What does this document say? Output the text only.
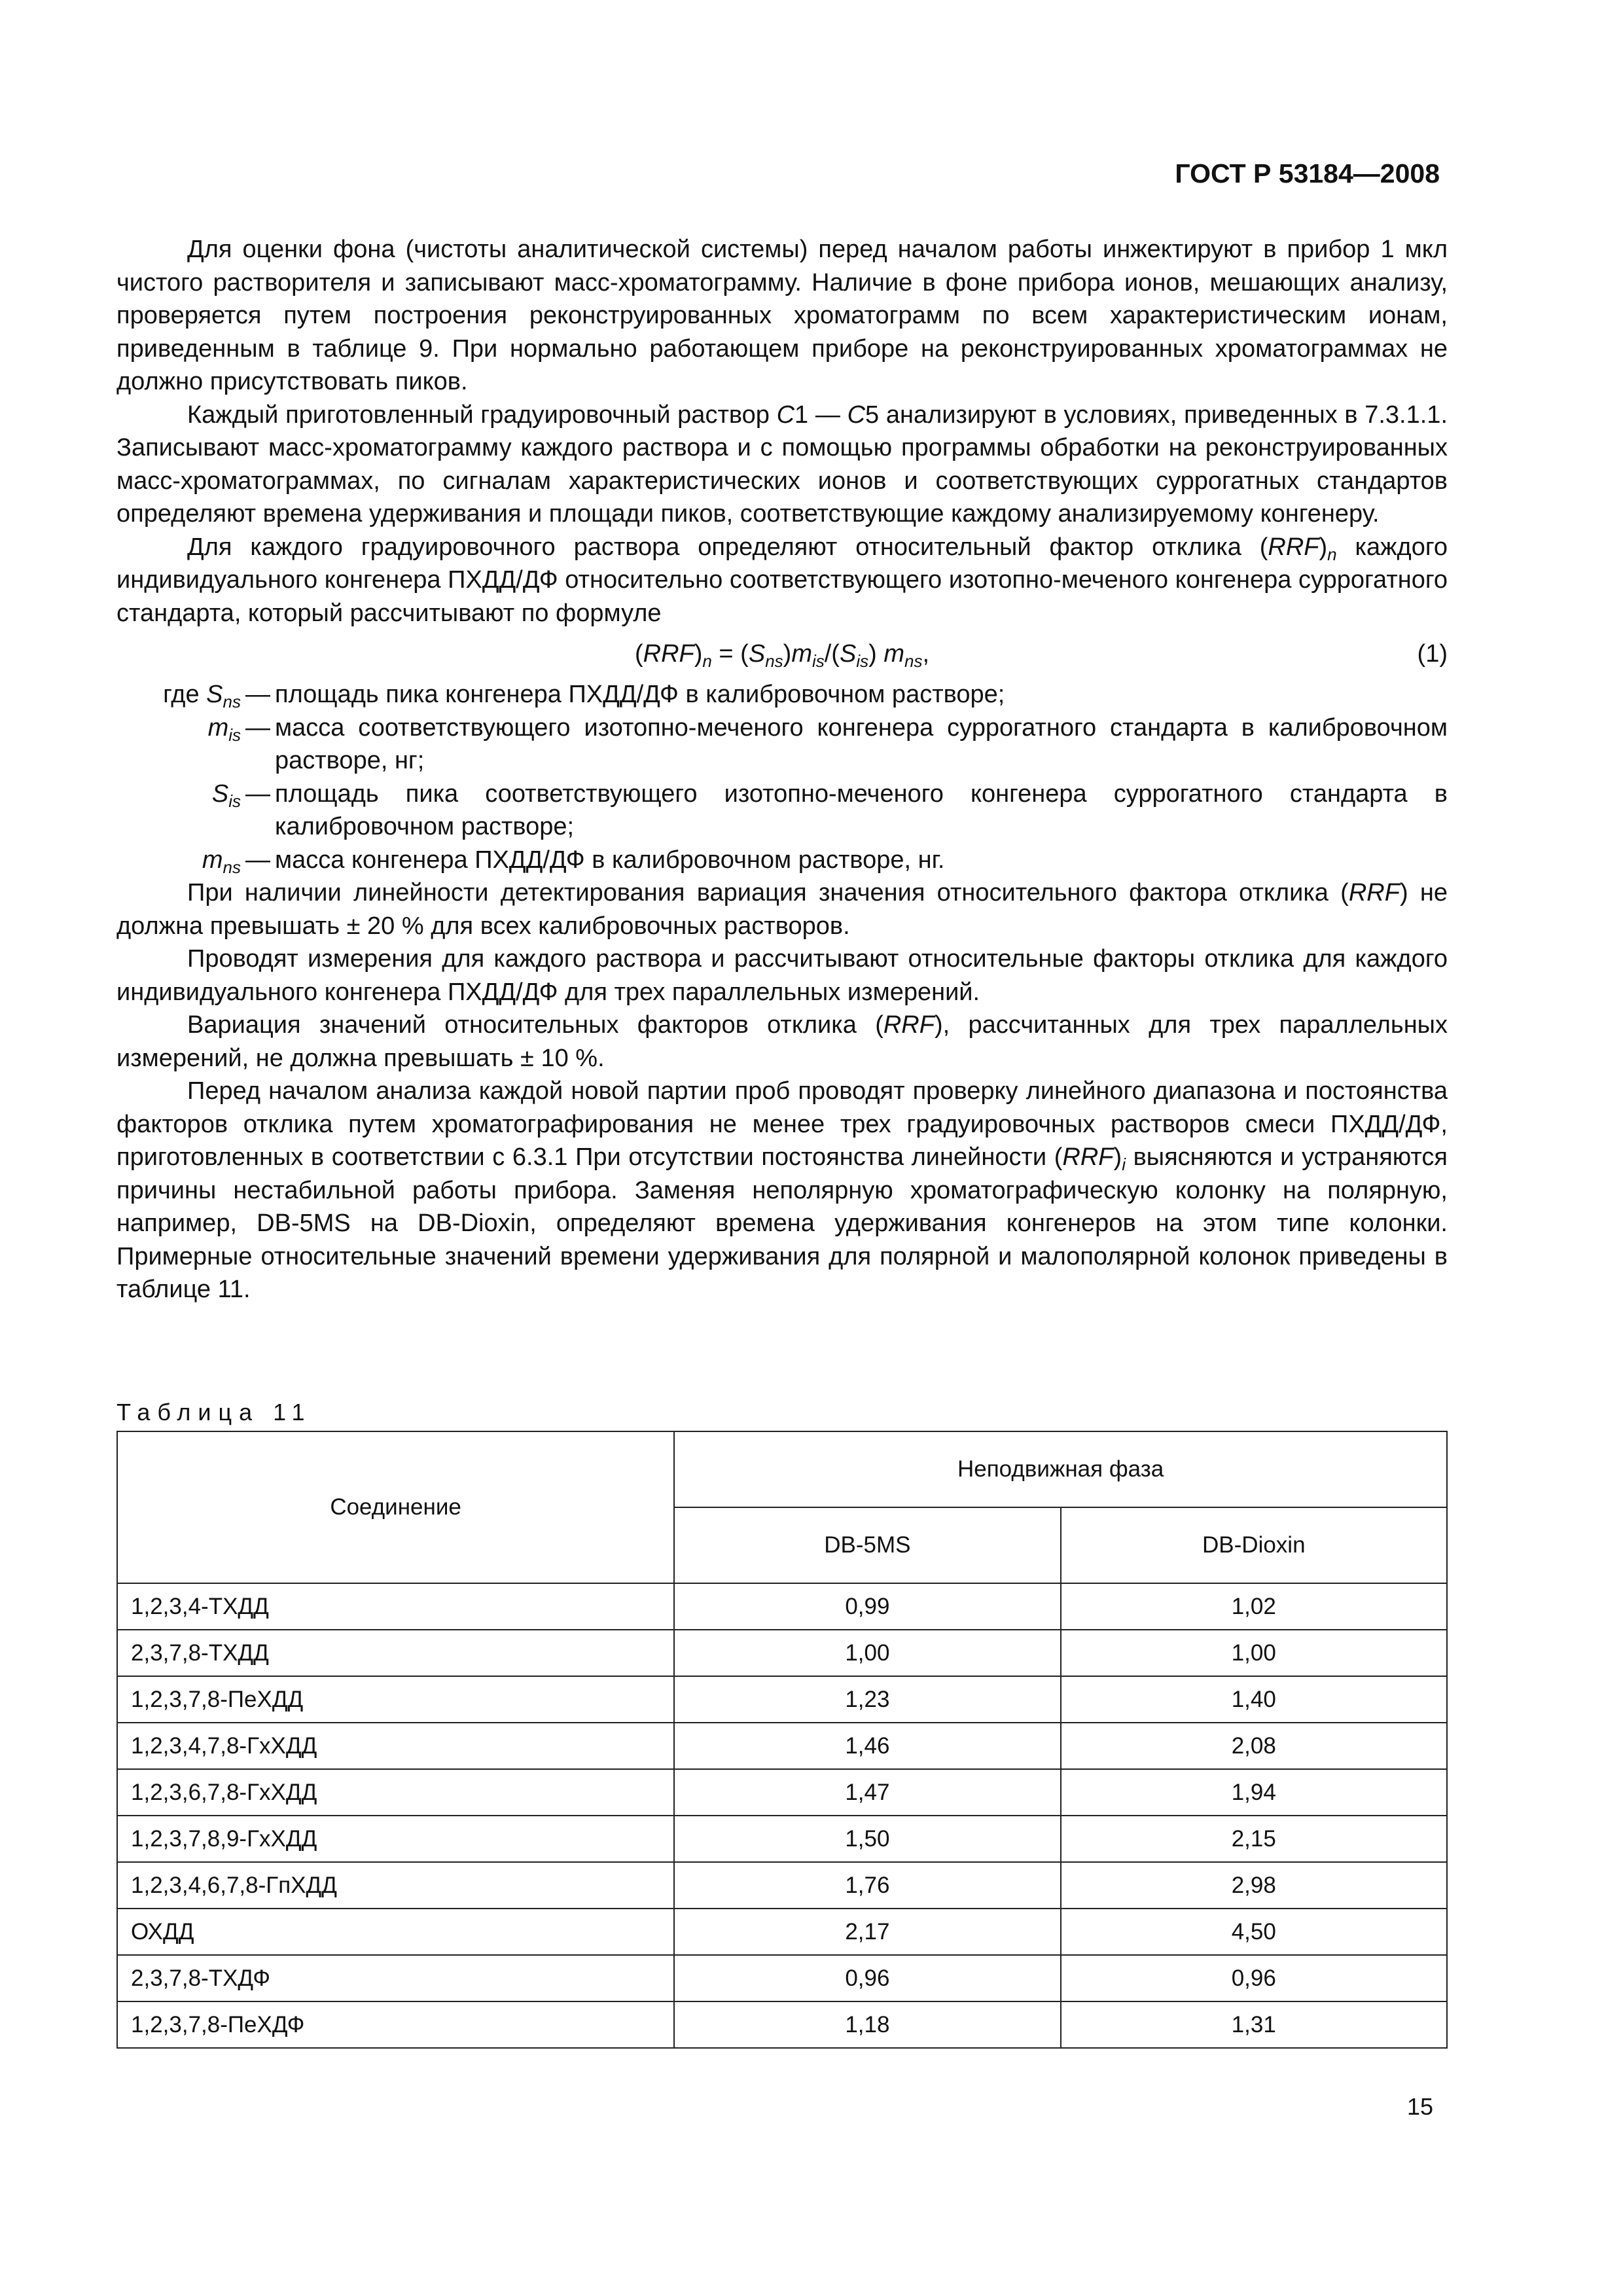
ГОСТ Р 53184—2008

Для оценки фона (чистоты аналитической системы) перед началом работы инжектируют в прибор 1 мкл чистого растворителя и записывают масс-хроматограмму. Наличие в фоне прибора ионов, мешающих анализу, проверяется путем построения реконструированных хроматограмм по всем характеристическим ионам, приведенным в таблице 9. При нормально работающем приборе на реконструированных хроматограммах не должно присутствовать пиков.

Каждый приготовленный градуировочный раствор С1 — С5 анализируют в условиях, приведенных в 7.3.1.1. Записывают масс-хроматограмму каждого раствора и с помощью программы обработки на реконструированных масс-хроматограммах, по сигналам характеристических ионов и соответствующих суррогатных стандартов определяют времена удерживания и площади пиков, соответствующие каждому анализируемому конгенеру.

Для каждого градуировочного раствора определяют относительный фактор отклика $(RRF)_n$ каждого индивидуального конгенера ПХДД/ДФ относительно соответствующего изотопно-меченого конгенера суррогатного стандарта, который рассчитывают по формуле

$(RRF)_n = (S_{ns})m_{is}/(S_{is})$ $m_{ns}$,	(1)
где $S_{ns}$ — площадь пика конгенера ПХДД/ДФ в калибровочном растворе;
$m_{is}$ — масса соответствующего изотопно-меченого конгенера суррогатного стандарта в калибровочном растворе, нг;
$S_{is}$ — площадь пика соответствующего изотопно-меченого конгенера суррогатного стандарта в калибровочном растворе;
$m_{ns}$ — масса конгенера ПХДД/ДФ в калибровочном растворе, нг.

При наличии линейности детектирования вариация значения относительного фактора отклика (RRF) не должна превышать ± 20 % для всех калибровочных растворов.

Проводят измерения для каждого раствора и рассчитывают относительные факторы отклика для каждого индивидуального конгенера ПХДД/ДФ для трех параллельных измерений.

Вариация значений относительных факторов отклика (RRF), рассчитанных для трех параллельных измерений, не должна превышать ± 10 %.

Перед началом анализа каждой новой партии проб проводят проверку линейного диапазона и постоянства факторов отклика путем хроматографирования не менее трех градуировочных растворов смеси ПХДД/ДФ, приготовленных в соответствии с 6.3.1 При отсутствии постоянства линейности $(RRF)_i$ выясняются и устраняются причины нестабильной работы прибора. Заменяя неполярную хроматографическую колонку на полярную, например, DB-5MS на DB-Dioxin, определяют времена удерживания конгенеров на этом типе колонки. Примерные относительные значений времени удерживания для полярной и малополярной колонок приведены в таблице 11.

Таблица 11
Соединение	Неподвижная фаза	
	DB-5MS	DB-Dioxin
1,2,3,4-ТХДД	0,99	1,02
2,3,7,8-ТХДД	1,00	1,00
1,2,3,7,8-ПеХДД	1,23	1,40
1,2,3,4,7,8-ГхХДД	1,46	2,08
1,2,3,6,7,8-ГхХДД	1,47	1,94
1,2,3,7,8,9-ГхХДД	1,50	2,15
1,2,3,4,6,7,8-ГпХДД	1,76	2,98
ОХДД	2,17	4,50
2,3,7,8-ТХДФ	0,96	0,96
1,2,3,7,8-ПеХДФ	1,18	1,31
15
